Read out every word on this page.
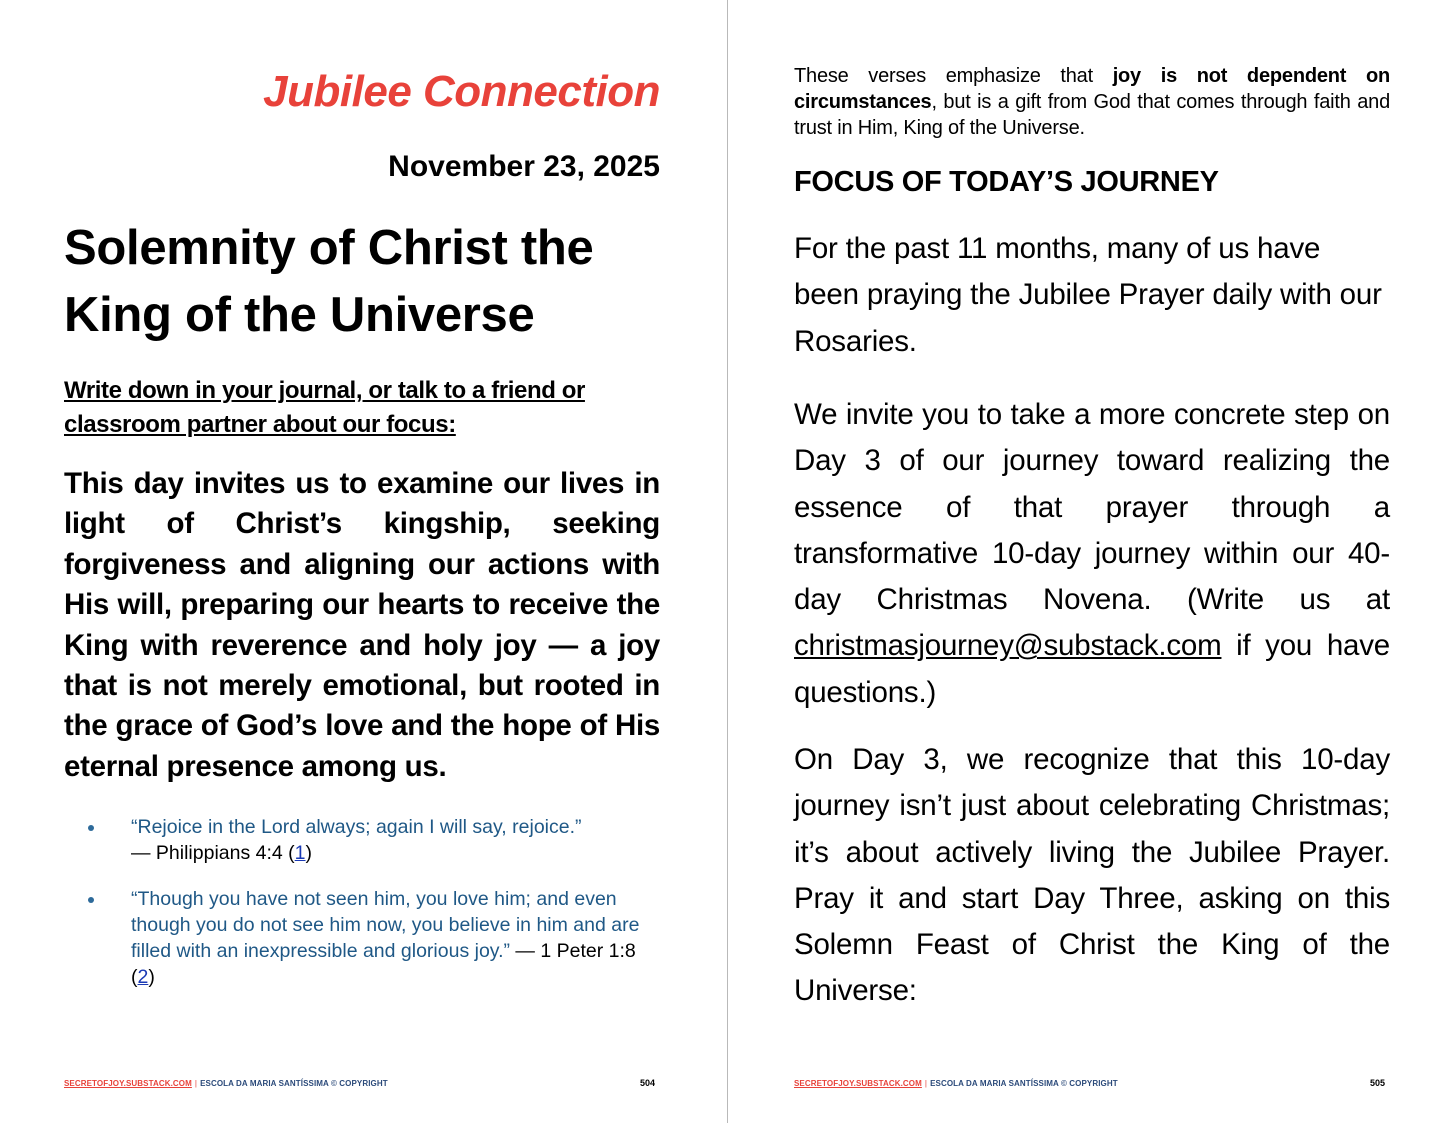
Jubilee Connection
November 23, 2025
Solemnity of Christ the
King of the Universe

Write down in your journal, or talk to a friend or classroom partner about our focus:

This day invites us to examine our lives in light of Christ’s kingship, seeking forgiveness and aligning our actions with His will, preparing our hearts to receive the King with reverence and holy joy — a joy that is not merely emotional, but rooted in the grace of God’s love and the hope of His eternal presence among us.

“Rejoice in the Lord always; again I will say, rejoice.”
— Philippians 4:4 (1)
“Though you have not seen him, you love him; and even though you do not see him now, you believe in him and are filled with an inexpressible and glorious joy.” — 1 Peter 1:8 (2)
SECRETOFJOY.SUBSTACK.COM | ESCOLA DA MARIA SANTÍSSIMA © COPYRIGHT	504

These verses emphasize that joy is not dependent on circumstances, but is a gift from God that comes through faith and trust in Him, King of the Universe.

FOCUS OF TODAY’S JOURNEY

For the past 11 months, many of us have been praying the Jubilee Prayer daily with our Rosaries.

We invite you to take a more concrete step on Day 3 of our journey toward realizing the essence of that prayer through a transformative 10-day journey within our 40-day Christmas Novena. (Write us at christmasjourney@substack.com if you have questions.)

On Day 3, we recognize that this 10-day journey isn’t just about celebrating Christmas; it’s about actively living the Jubilee Prayer. Pray it and start Day Three, asking on this Solemn Feast of Christ the King of the Universe:

SECRETOFJOY.SUBSTACK.COM | ESCOLA DA MARIA SANTÍSSIMA © COPYRIGHT	505
